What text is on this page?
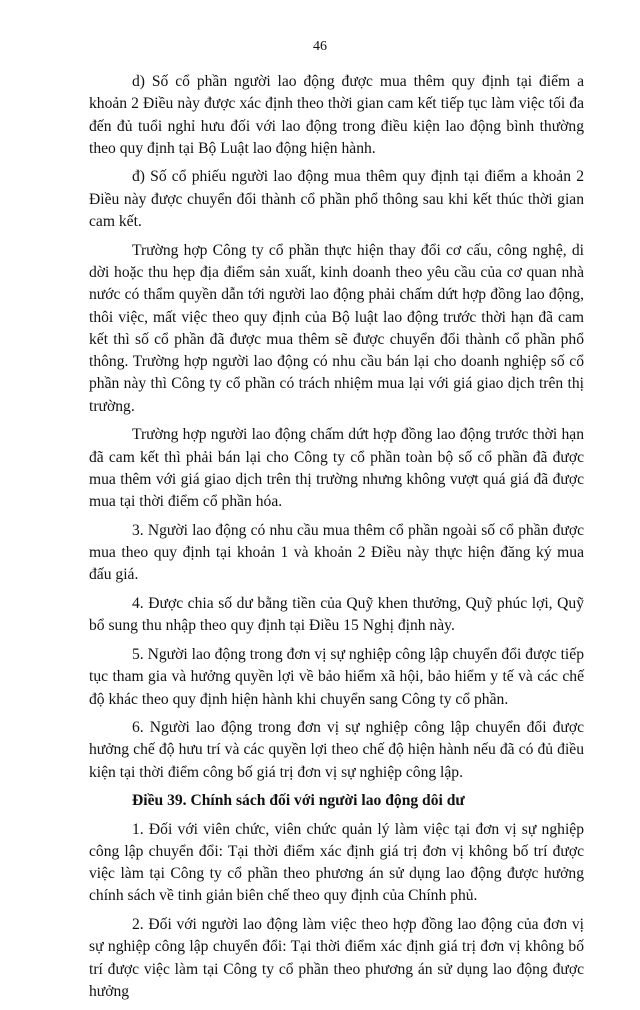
46

d) Số cổ phần người lao động được mua thêm quy định tại điểm a khoản 2 Điều này được xác định theo thời gian cam kết tiếp tục làm việc tối đa đến đủ tuổi nghỉ hưu đối với lao động trong điều kiện lao động bình thường theo quy định tại Bộ Luật lao động hiện hành.

đ) Số cổ phiếu người lao động mua thêm quy định tại điểm a khoản 2 Điều này được chuyển đổi thành cổ phần phổ thông sau khi kết thúc thời gian cam kết.

Trường hợp Công ty cổ phần thực hiện thay đổi cơ cấu, công nghệ, di dời hoặc thu hẹp địa điểm sản xuất, kinh doanh theo yêu cầu của cơ quan nhà nước có thẩm quyền dẫn tới người lao động phải chấm dứt hợp đồng lao động, thôi việc, mất việc theo quy định của Bộ luật lao động trước thời hạn đã cam kết thì số cổ phần đã được mua thêm sẽ được chuyển đổi thành cổ phần phổ thông. Trường hợp người lao động có nhu cầu bán lại cho doanh nghiệp số cổ phần này thì Công ty cổ phần có trách nhiệm mua lại với giá giao dịch trên thị trường.

Trường hợp người lao động chấm dứt hợp đồng lao động trước thời hạn đã cam kết thì phải bán lại cho Công ty cổ phần toàn bộ số cổ phần đã được mua thêm với giá giao dịch trên thị trường nhưng không vượt quá giá đã được mua tại thời điểm cổ phần hóa.

3. Người lao động có nhu cầu mua thêm cổ phần ngoài số cổ phần được mua theo quy định tại khoản 1 và khoản 2 Điều này thực hiện đăng ký mua đấu giá.

4. Được chia số dư bằng tiền của Quỹ khen thưởng, Quỹ phúc lợi, Quỹ bổ sung thu nhập theo quy định tại Điều 15 Nghị định này.

5. Người lao động trong đơn vị sự nghiệp công lập chuyển đổi được tiếp tục tham gia và hưởng quyền lợi về bảo hiểm xã hội, bảo hiểm y tế và các chế độ khác theo quy định hiện hành khi chuyển sang Công ty cổ phần.

6. Người lao động trong đơn vị sự nghiệp công lập chuyển đổi được hưởng chế độ hưu trí và các quyền lợi theo chế độ hiện hành nếu đã có đủ điều kiện tại thời điểm công bố giá trị đơn vị sự nghiệp công lập.

Điều 39. Chính sách đối với người lao động dôi dư

1. Đối với viên chức, viên chức quản lý làm việc tại đơn vị sự nghiệp công lập chuyển đổi: Tại thời điểm xác định giá trị đơn vị không bố trí được việc làm tại Công ty cổ phần theo phương án sử dụng lao động được hưởng chính sách về tinh giản biên chế theo quy định của Chính phủ.

2. Đối với người lao động làm việc theo hợp đồng lao động của đơn vị sự nghiệp công lập chuyển đổi: Tại thời điểm xác định giá trị đơn vị không bố trí được việc làm tại Công ty cổ phần theo phương án sử dụng lao động được hưởng
